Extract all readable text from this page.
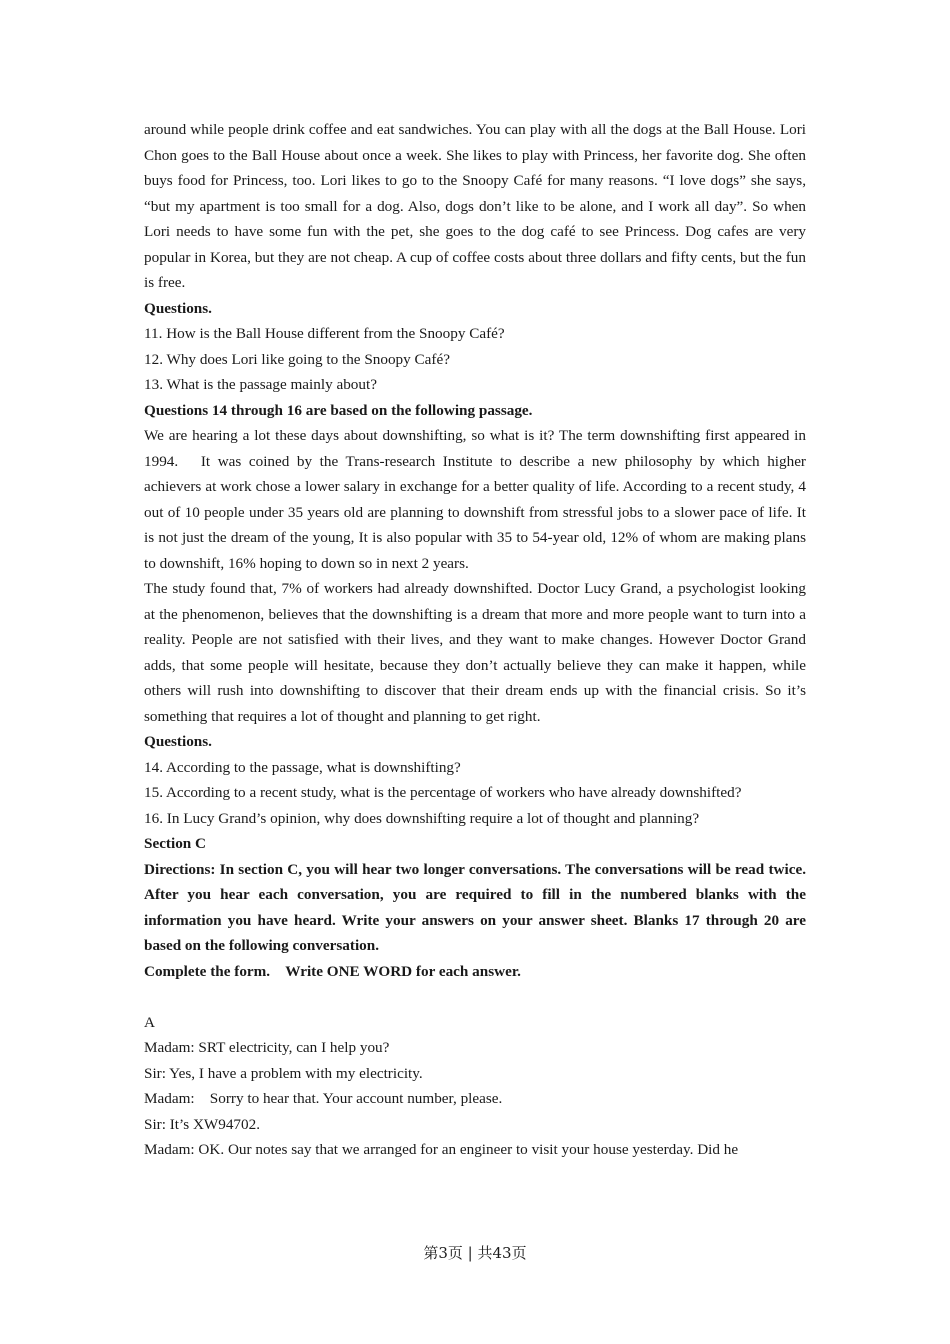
around while people drink coffee and eat sandwiches. You can play with all the dogs at the Ball House. Lori Chon goes to the Ball House about once a week. She likes to play with Princess, her favorite dog. She often buys food for Princess, too. Lori likes to go to the Snoopy Café for many reasons. “I love dogs” she says, “but my apartment is too small for a dog. Also, dogs don’t like to be alone, and I work all day”. So when Lori needs to have some fun with the pet, she goes to the dog café to see Princess. Dog cafes are very popular in Korea, but they are not cheap. A cup of coffee costs about three dollars and fifty cents, but the fun is free.

Questions.

11. How is the Ball House different from the Snoopy Café?

12. Why does Lori like going to the Snoopy Café?

13. What is the passage mainly about?

Questions 14 through 16 are based on the following passage.

We are hearing a lot these days about downshifting, so what is it? The term downshifting first appeared in 1994.　It was coined by the Trans-research Institute to describe a new philosophy by which higher achievers at work chose a lower salary in exchange for a better quality of life. According to a recent study, 4 out of 10 people under 35 years old are planning to downshift from stressful jobs to a slower pace of life. It is not just the dream of the young, It is also popular with 35 to 54-year old, 12% of whom are making plans to downshift, 16% hoping to down so in next 2 years.

The study found that, 7% of workers had already downshifted. Doctor Lucy Grand, a psychologist looking at the phenomenon, believes that the downshifting is a dream that more and more people want to turn into a reality. People are not satisfied with their lives, and they want to make changes. However Doctor Grand adds, that some people will hesitate, because they don’t actually believe they can make it happen, while others will rush into downshifting to discover that their dream ends up with the financial crisis. So it’s something that requires a lot of thought and planning to get right.

Questions.

14. According to the passage, what is downshifting?

15. According to a recent study, what is the percentage of workers who have already downshifted?

16. In Lucy Grand’s opinion, why does downshifting require a lot of thought and planning?

Section C

Directions: In section C, you will hear two longer conversations. The conversations will be read twice. After you hear each conversation, you are required to fill in the numbered blanks with the information you have heard. Write your answers on your answer sheet. Blanks 17 through 20 are based on the following conversation.

Complete the form.　Write ONE WORD for each answer.

A

Madam: SRT electricity, can I help you?

Sir: Yes, I have a problem with my electricity.

Madam:　Sorry to hear that. Your account number, please.

Sir: It’s XW94702.

Madam: OK. Our notes say that we arranged for an engineer to visit your house yesterday. Did he

第3页 | 共43页
